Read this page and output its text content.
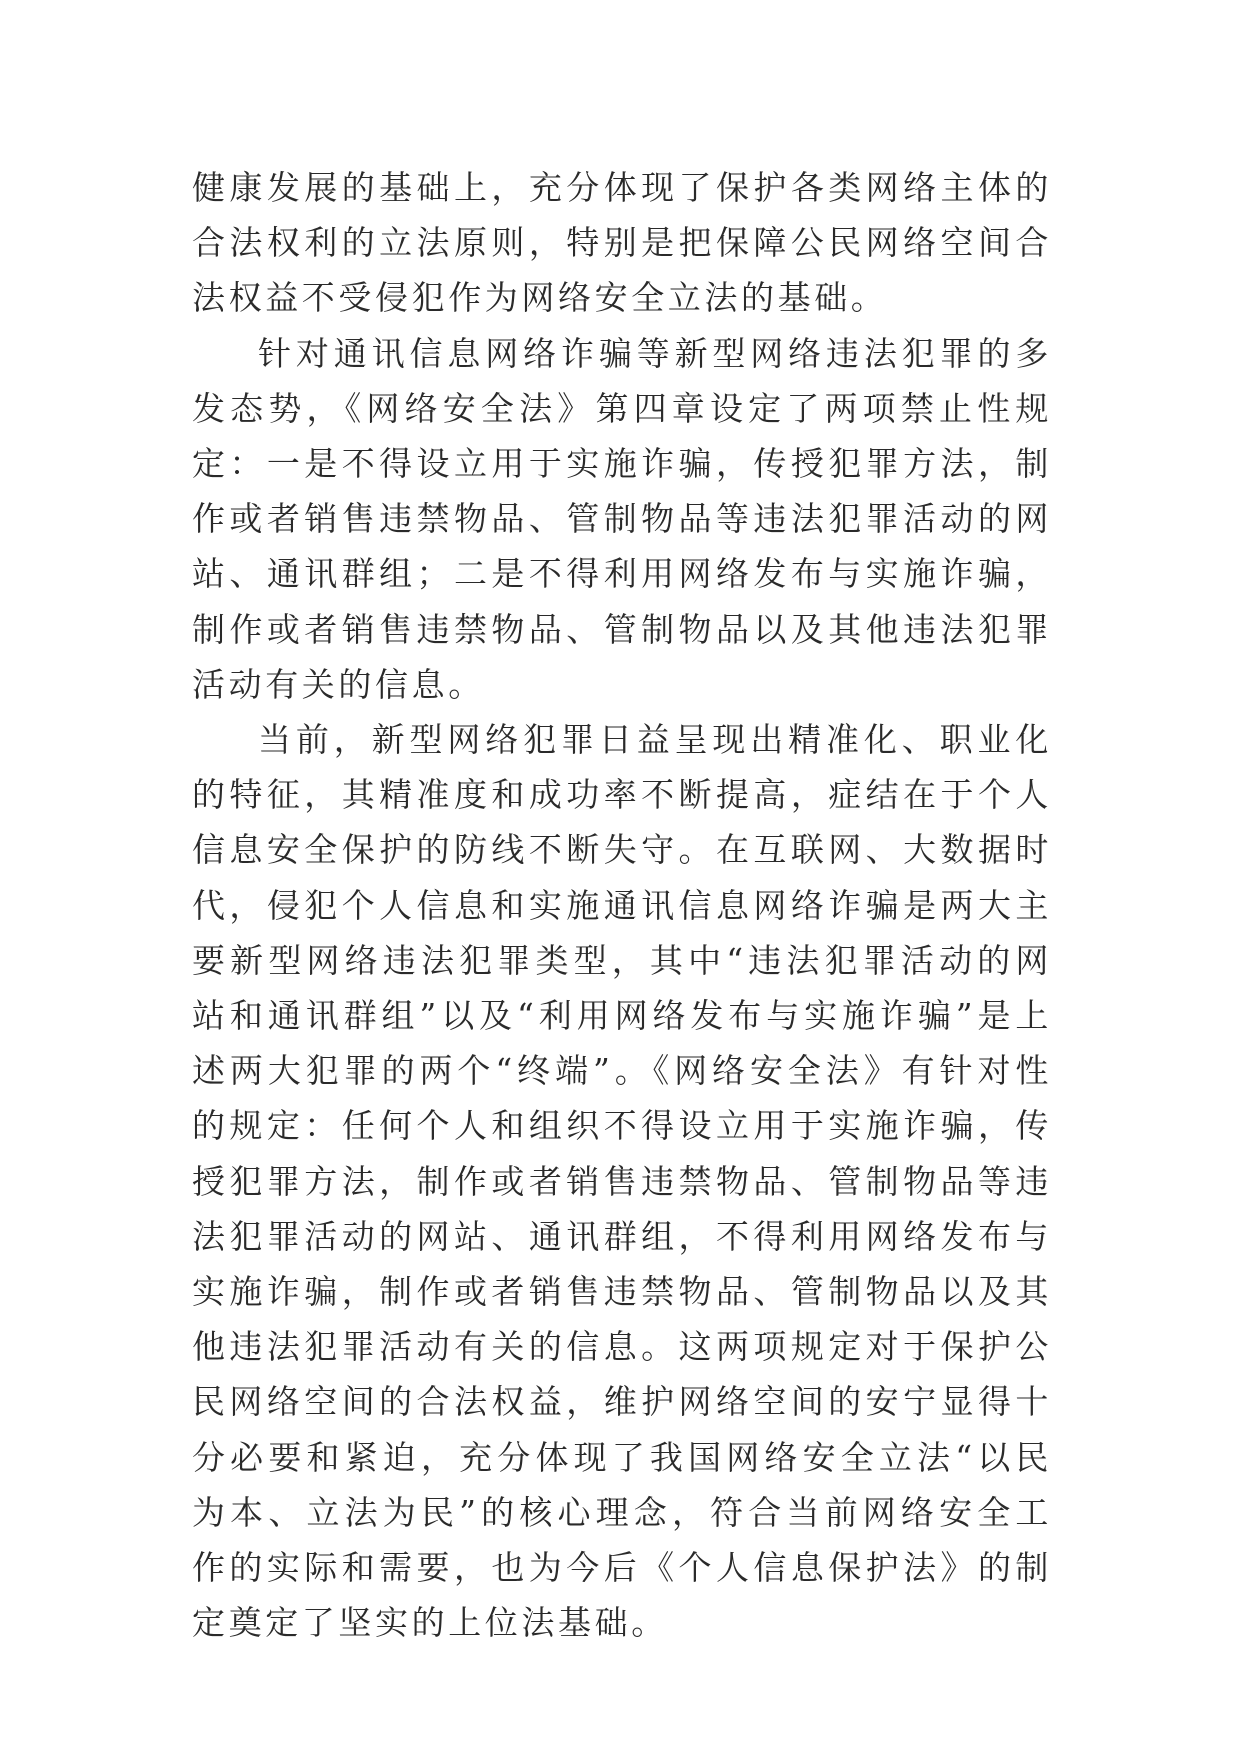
健康发展的基础上，充分体现了保护各类网络主体的合法权利的立法原则，特别是把保障公民网络空间合法权益不受侵犯作为网络安全立法的基础。

针对通讯信息网络诈骗等新型网络违法犯罪的多发态势，《网络安全法》第四章设定了两项禁止性规定：一是不得设立用于实施诈骗，传授犯罪方法，制作或者销售违禁物品、管制物品等违法犯罪活动的网站、通讯群组；二是不得利用网络发布与实施诈骗，制作或者销售违禁物品、管制物品以及其他违法犯罪活动有关的信息。

当前，新型网络犯罪日益呈现出精准化、职业化的特征，其精准度和成功率不断提高，症结在于个人信息安全保护的防线不断失守。在互联网、大数据时代，侵犯个人信息和实施通讯信息网络诈骗是两大主要新型网络违法犯罪类型，其中“违法犯罪活动的网站和通讯群组”以及“利用网络发布与实施诈骗”是上述两大犯罪的两个“终端”。《网络安全法》有针对性的规定：任何个人和组织不得设立用于实施诈骗，传授犯罪方法，制作或者销售违禁物品、管制物品等违法犯罪活动的网站、通讯群组，不得利用网络发布与实施诈骗，制作或者销售违禁物品、管制物品以及其他违法犯罪活动有关的信息。这两项规定对于保护公民网络空间的合法权益，维护网络空间的安宁显得十分必要和紧迫，充分体现了我国网络安全立法“以民为本、立法为民”的核心理念，符合当前网络安全工作的实际和需要，也为今后《个人信息保护法》的制定奠定了坚实的上位法基础。
